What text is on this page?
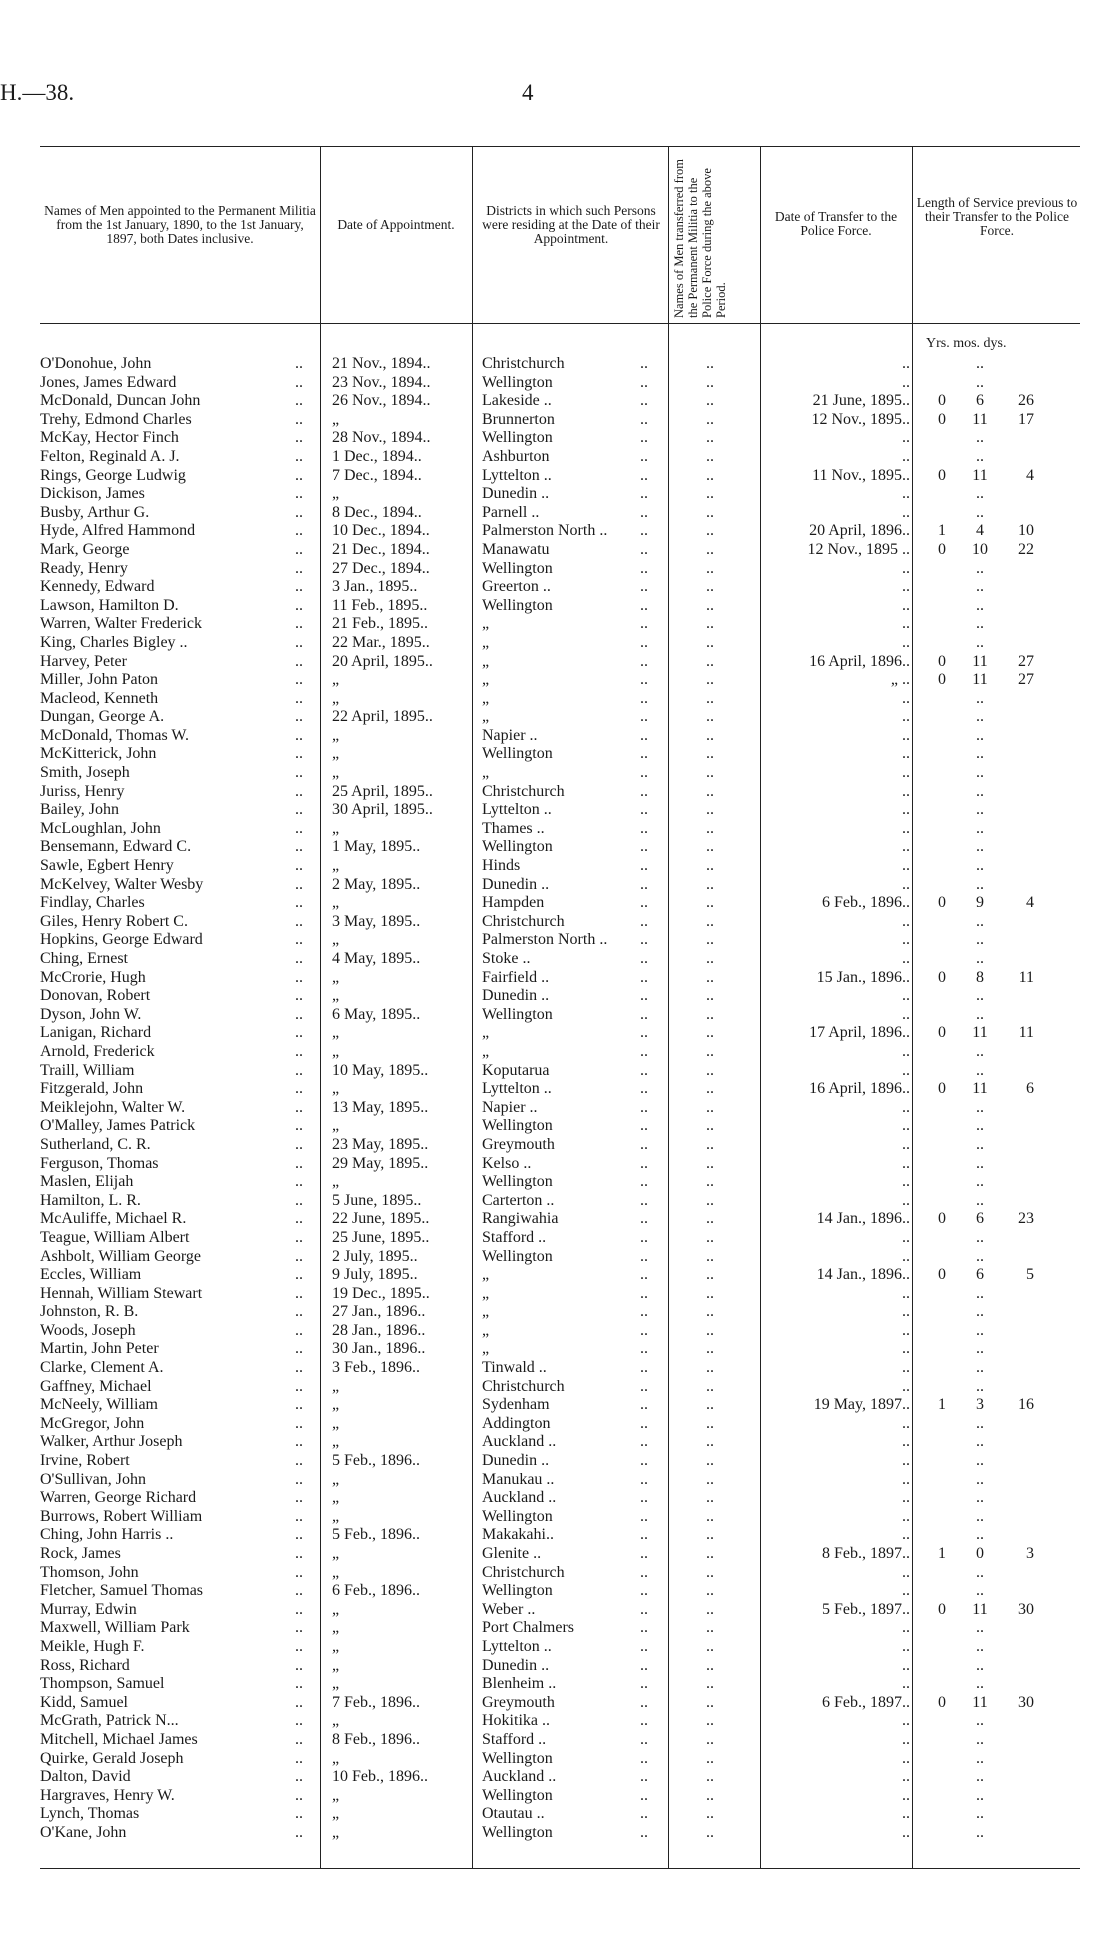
H.—38.	4
Names of Men appointed to the Permanent Militia from the 1st January, 1890, to the 1st January, 1897, both Dates inclusive.
Date of Appointment.
Districts in which such Persons were residing at the Date of their Appointment.	Names of Men transferred from the Permanent Militia to the Police Force during the above Period.
Date of Transfer to the Police Force.
Length of Service previous to their Transfer to the Police Force.
Yrs. mos. dys.
O'Donohue, John	.. 21 Nov., 1894..	Christchurch	..	..	..	..
Jones, James Edward	.. 23 Nov., 1894..	Wellington	..	..	..	..
McDonald, Duncan John	.. 26 Nov., 1894..	Lakeside ..	..	..	21 June, 1895..	0	6	26
Trehy, Edmond Charles	.. „	Brunnerton	..	..	12 Nov., 1895..	0	11	17
McKay, Hector Finch	.. 28 Nov., 1894..	Wellington	..	..	..	..
Felton, Reginald A. J.	.. 1 Dec., 1894..	Ashburton	..	..	..	..
Rings, George Ludwig	.. 7 Dec., 1894..	Lyttelton ..	..	..	11 Nov., 1895..	0	11	4
Dickison, James	.. „	Dunedin ..	..	..	..	..
Busby, Arthur G.	.. 8 Dec., 1894..	Parnell ..	..	..	..	..
Hyde, Alfred Hammond	.. 10 Dec., 1894..	Palmerston North .. ..	..	20 April, 1896..	1	4	10
Mark, George	.. 21 Dec., 1894..	Manawatu	..	..	12 Nov., 1895 ..	0	10	22
Ready, Henry	.. 27 Dec., 1894..	Wellington	..	..	..	..
Kennedy, Edward	.. 3 Jan., 1895..	Greerton ..	..	..	..	..
Lawson, Hamilton D.	.. 11 Feb., 1895..	Wellington	..	..	..	..
Warren, Walter Frederick	.. 21 Feb., 1895..	„	..	..	..	..
King, Charles Bigley ..	.. 22 Mar., 1895..	„	..	..	..	..
Harvey, Peter	.. 20 April, 1895..	„	..	..	16 April, 1896..	0	11	27
Miller, John Paton	.. „	„	..	..	„ ..	0	11	27
Macleod, Kenneth	.. „	„	..	..	..	..
Dungan, George A.	.. 22 April, 1895..	„	..	..	..	..
McDonald, Thomas W.	.. „	Napier ..	..	..	..	..
McKitterick, John	.. „	Wellington	..	..	..	..
Smith, Joseph	.. „	„	..	..	..	..
Juriss, Henry	.. 25 April, 1895..	Christchurch	..	..	..	..
Bailey, John	.. 30 April, 1895..	Lyttelton ..	..	..	..	..
McLoughlan, John	.. „	Thames ..	..	..	..	..
Bensemann, Edward C.	.. 1 May, 1895..	Wellington	..	..	..	..
Sawle, Egbert Henry	.. „	Hinds	..	..	..	..
McKelvey, Walter Wesby	.. 2 May, 1895..	Dunedin ..	..	..	..	..
Findlay, Charles	.. „	Hampden	..	..	6 Feb., 1896..	0	9	4
Giles, Henry Robert C.	.. 3 May, 1895..	Christchurch	..	..	..	..
Hopkins, George Edward	.. „	Palmerston North .. ..	..	..	..
Ching, Ernest	.. 4 May, 1895..	Stoke ..	..	..	..	..
McCrorie, Hugh	.. „	Fairfield ..	..	..	15 Jan., 1896..	0	8	11
Donovan, Robert	.. „	Dunedin ..	..	..	..	..
Dyson, John W.	.. 6 May, 1895..	Wellington	..	..	..	..
Lanigan, Richard	.. „	„	..	..	17 April, 1896..	0	11	11
Arnold, Frederick	.. „	„	..	..	..	..
Traill, William	.. 10 May, 1895..	Koputarua	..	..	..	..
Fitzgerald, John	.. „	Lyttelton ..	..	..	16 April, 1896..	0	11	6
Meiklejohn, Walter W.	.. 13 May, 1895..	Napier ..	..	..	..	..
O'Malley, James Patrick	.. „	Wellington	..	..	..	..
Sutherland, C. R.	.. 23 May, 1895..	Greymouth	..	..	..	..
Ferguson, Thomas	.. 29 May, 1895..	Kelso ..	..	..	..	..
Maslen, Elijah	.. „	Wellington	..	..	..	..
Hamilton, L. R.	.. 5 June, 1895..	Carterton ..	..	..	..	..
McAuliffe, Michael R.	.. 22 June, 1895..	Rangiwahia	..	..	14 Jan., 1896..	0	6	23
Teague, William Albert	.. 25 June, 1895..	Stafford ..	..	..	..	..
Ashbolt, William George	.. 2 July, 1895..	Wellington	..	..	..	..
Eccles, William	.. 9 July, 1895..	„	..	..	14 Jan., 1896..	0	6	5
Hennah, William Stewart	.. 19 Dec., 1895..	„	..	..	..	..
Johnston, R. B.	.. 27 Jan., 1896..	„	..	..	..	..
Woods, Joseph	.. 28 Jan., 1896..	„	..	..	..	..
Martin, John Peter	.. 30 Jan., 1896..	„	..	..	..	..
Clarke, Clement A.	.. 3 Feb., 1896..	Tinwald ..	..	..	..	..
Gaffney, Michael	.. „	Christchurch	..	..	..	..
McNeely, William	.. „	Sydenham	..	..	19 May, 1897..	1	3	16
McGregor, John	.. „	Addington	..	..	..	..
Walker, Arthur Joseph	.. „	Auckland ..	..	..	..	..
Irvine, Robert	.. 5 Feb., 1896..	Dunedin ..	..	..	..	..
O'Sullivan, John	.. „	Manukau ..	..	..	..	..
Warren, George Richard	.. „	Auckland ..	..	..	..	..
Burrows, Robert William	.. „	Wellington	..	..	..	..
Ching, John Harris ..	.. 5 Feb., 1896..	Makakahi..	..	..	..	..
Rock, James	.. „	Glenite ..	..	..	8 Feb., 1897..	1	0	3
Thomson, John	.. „	Christchurch	..	..	..	..
Fletcher, Samuel Thomas	.. 6 Feb., 1896..	Wellington	..	..	..	..
Murray, Edwin	.. „	Weber ..	..	..	5 Feb., 1897..	0	11	30
Maxwell, William Park	.. „	Port Chalmers	..	..	..	..
Meikle, Hugh F.	.. „	Lyttelton ..	..	..	..	..
Ross, Richard	.. „	Dunedin ..	..	..	..	..
Thompson, Samuel	.. „	Blenheim ..	..	..	..	..
Kidd, Samuel	.. 7 Feb., 1896..	Greymouth	..	..	6 Feb., 1897..	0	11	30
McGrath, Patrick N...	.. „	Hokitika ..	..	..	..	..
Mitchell, Michael James	.. 8 Feb., 1896..	Stafford ..	..	..	..	..
Quirke, Gerald Joseph	.. „	Wellington	..	..	..	..
Dalton, David	.. 10 Feb., 1896..	Auckland ..	..	..	..	..
Hargraves, Henry W.	.. „	Wellington	..	..	..	..
Lynch, Thomas	.. „	Otautau ..	..	..	..	..
O'Kane, John	.. „	Wellington	..	..	..	..
